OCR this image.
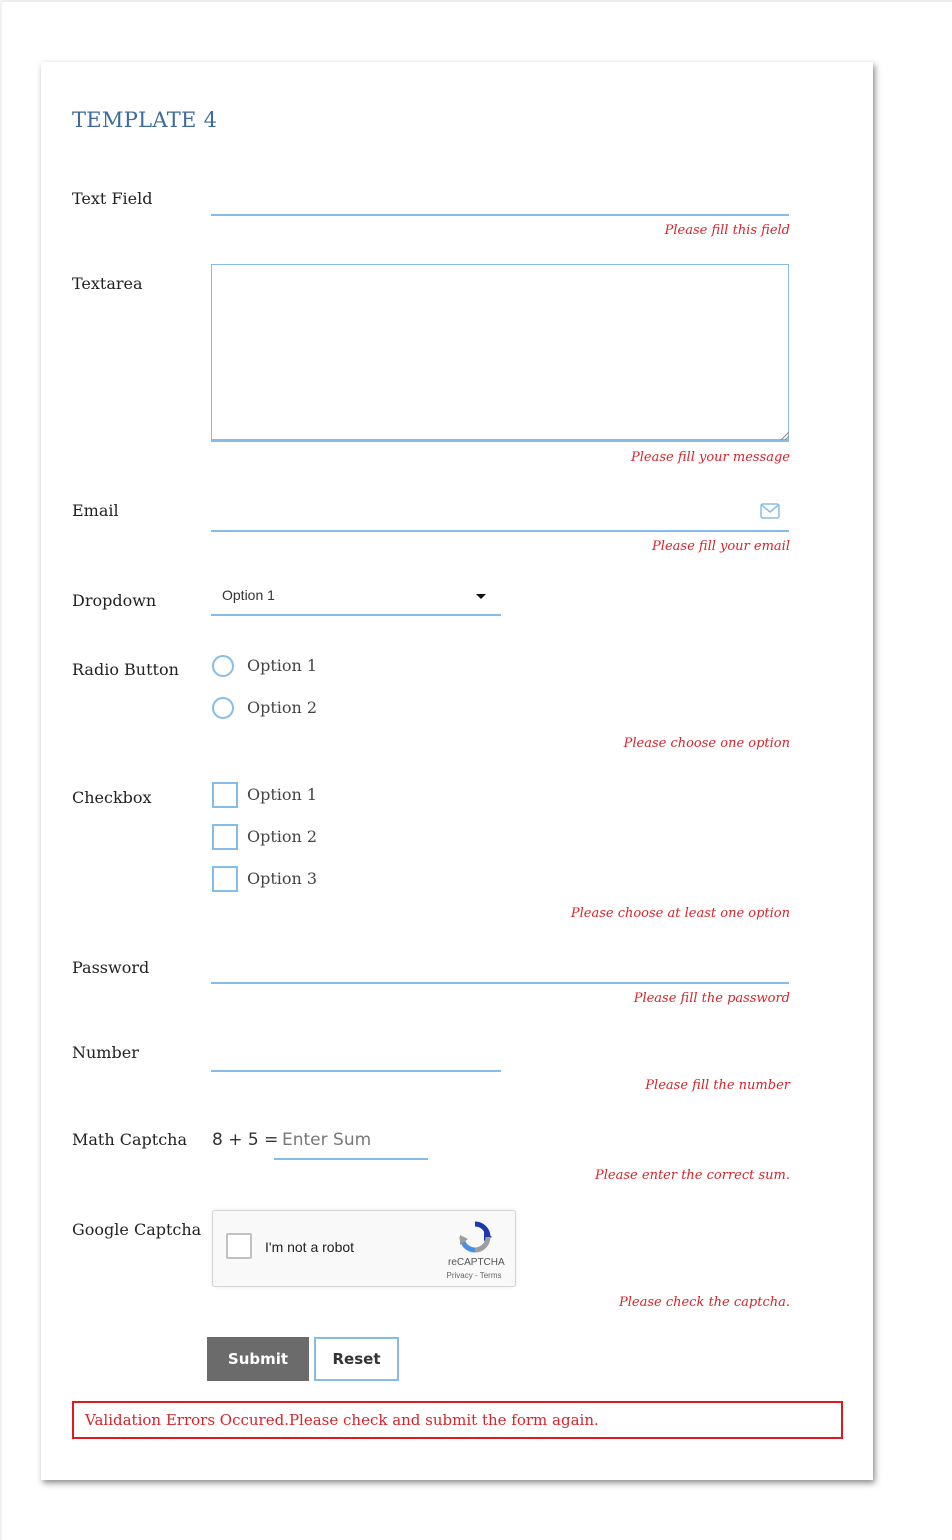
TEMPLATE 4
Text Field
Please fill this field
Textarea
Please fill your message
Email
Please fill your email
Dropdown	Option 1
Radio Button	Option 1
Option 2
Please choose one option
Checkbox	Option 1
Option 2
Option 3
Please choose at least one option
Password
Please fill the password
Number
Please fill the number
Math Captcha 8 + 5 = Enter Sum
Please enter the correct sum.
Google Captcha
I'm not a robot
reCAPTCHA
Privacy - Terms
Please check the captcha.
Submit	Reset
Validation Errors Occured.Please check and submit the form again.
